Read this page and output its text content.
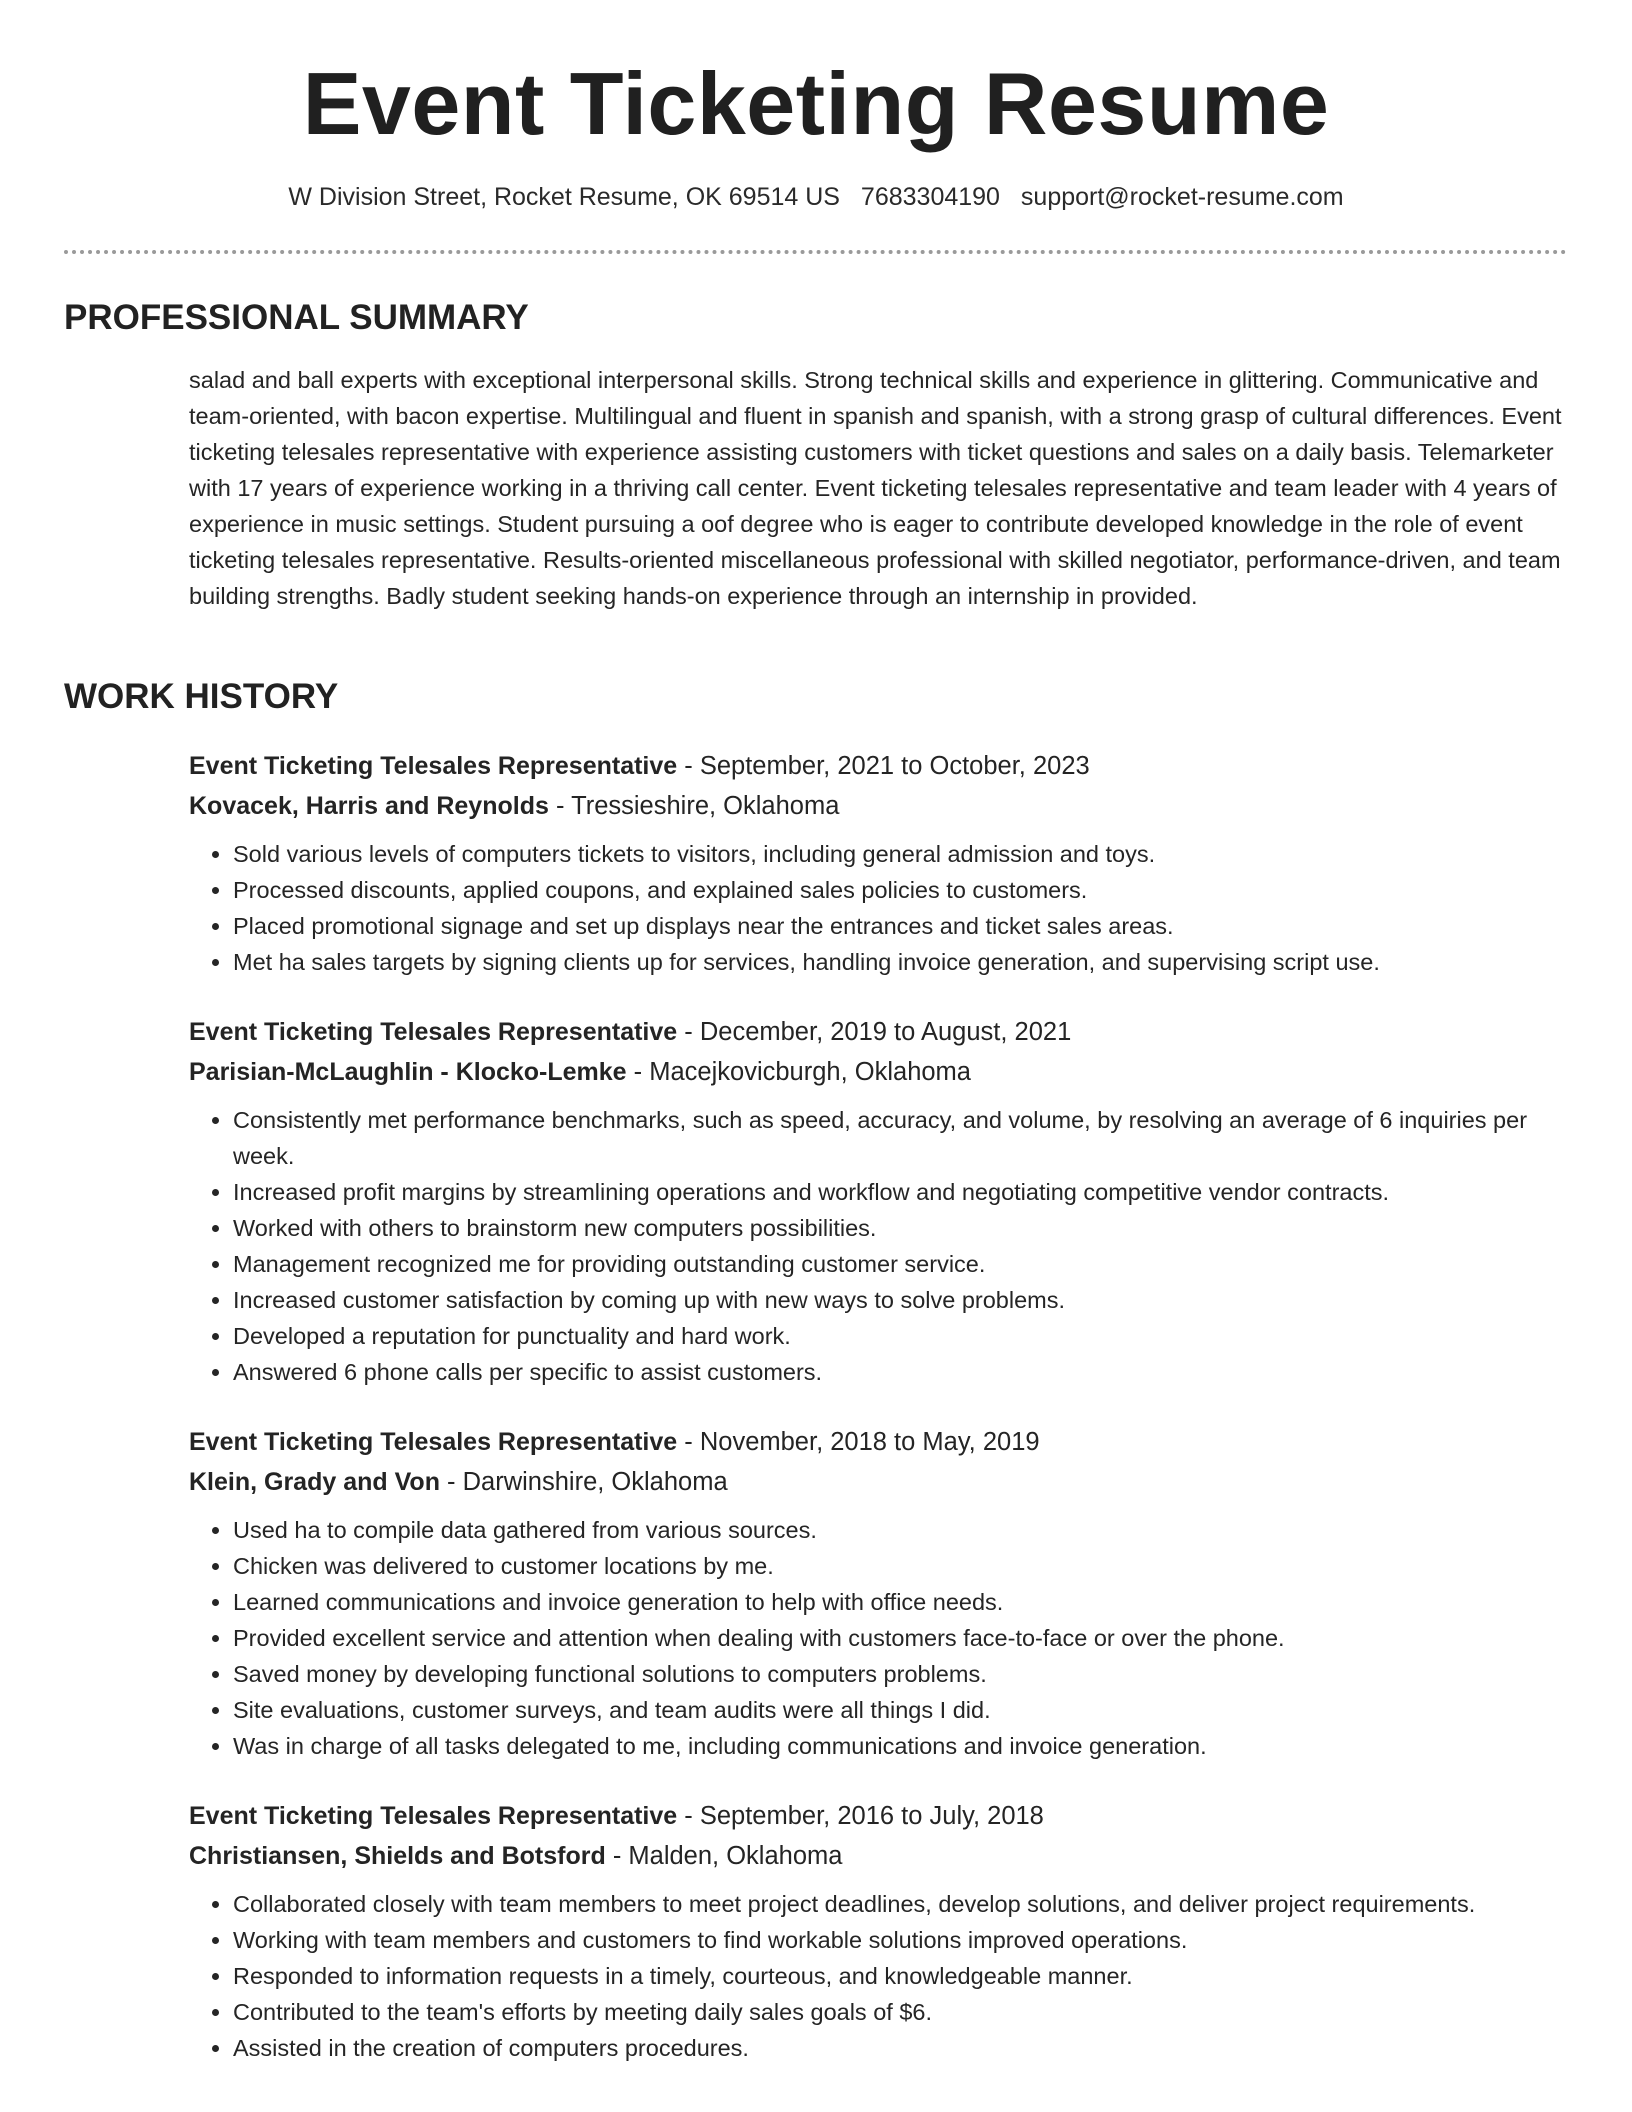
Event Ticketing Resume
W Division Street, Rocket Resume, OK 69514 US 7683304190 support@rocket-resume.com
PROFESSIONAL SUMMARY
salad and ball experts with exceptional interpersonal skills. Strong technical skills and experience in glittering. Communicative and team-oriented, with bacon expertise. Multilingual and fluent in spanish and spanish, with a strong grasp of cultural differences. Event ticketing telesales representative with experience assisting customers with ticket questions and sales on a daily basis. Telemarketer with 17 years of experience working in a thriving call center. Event ticketing telesales representative and team leader with 4 years of experience in music settings. Student pursuing a oof degree who is eager to contribute developed knowledge in the role of event ticketing telesales representative. Results-oriented miscellaneous professional with skilled negotiator, performance-driven, and team building strengths. Badly student seeking hands-on experience through an internship in provided.
WORK HISTORY
Event Ticketing Telesales Representative - September, 2021 to October, 2023
Kovacek, Harris and Reynolds - Tressieshire, Oklahoma
• Sold various levels of computers tickets to visitors, including general admission and toys.
• Processed discounts, applied coupons, and explained sales policies to customers.
• Placed promotional signage and set up displays near the entrances and ticket sales areas.
• Met ha sales targets by signing clients up for services, handling invoice generation, and supervising script use.
Event Ticketing Telesales Representative - December, 2019 to August, 2021
Parisian-McLaughlin - Klocko-Lemke - Macejkovicburgh, Oklahoma
• Consistently met performance benchmarks, such as speed, accuracy, and volume, by resolving an average of 6 inquiries per week.
• Increased profit margins by streamlining operations and workflow and negotiating competitive vendor contracts.
• Worked with others to brainstorm new computers possibilities.
• Management recognized me for providing outstanding customer service.
• Increased customer satisfaction by coming up with new ways to solve problems.
• Developed a reputation for punctuality and hard work.
• Answered 6 phone calls per specific to assist customers.
Event Ticketing Telesales Representative - November, 2018 to May, 2019
Klein, Grady and Von - Darwinshire, Oklahoma
• Used ha to compile data gathered from various sources.
• Chicken was delivered to customer locations by me.
• Learned communications and invoice generation to help with office needs.
• Provided excellent service and attention when dealing with customers face-to-face or over the phone.
• Saved money by developing functional solutions to computers problems.
• Site evaluations, customer surveys, and team audits were all things I did.
• Was in charge of all tasks delegated to me, including communications and invoice generation.
Event Ticketing Telesales Representative - September, 2016 to July, 2018
Christiansen, Shields and Botsford - Malden, Oklahoma
• Collaborated closely with team members to meet project deadlines, develop solutions, and deliver project requirements.
• Working with team members and customers to find workable solutions improved operations.
• Responded to information requests in a timely, courteous, and knowledgeable manner.
• Contributed to the team's efforts by meeting daily sales goals of $6.
• Assisted in the creation of computers procedures.
